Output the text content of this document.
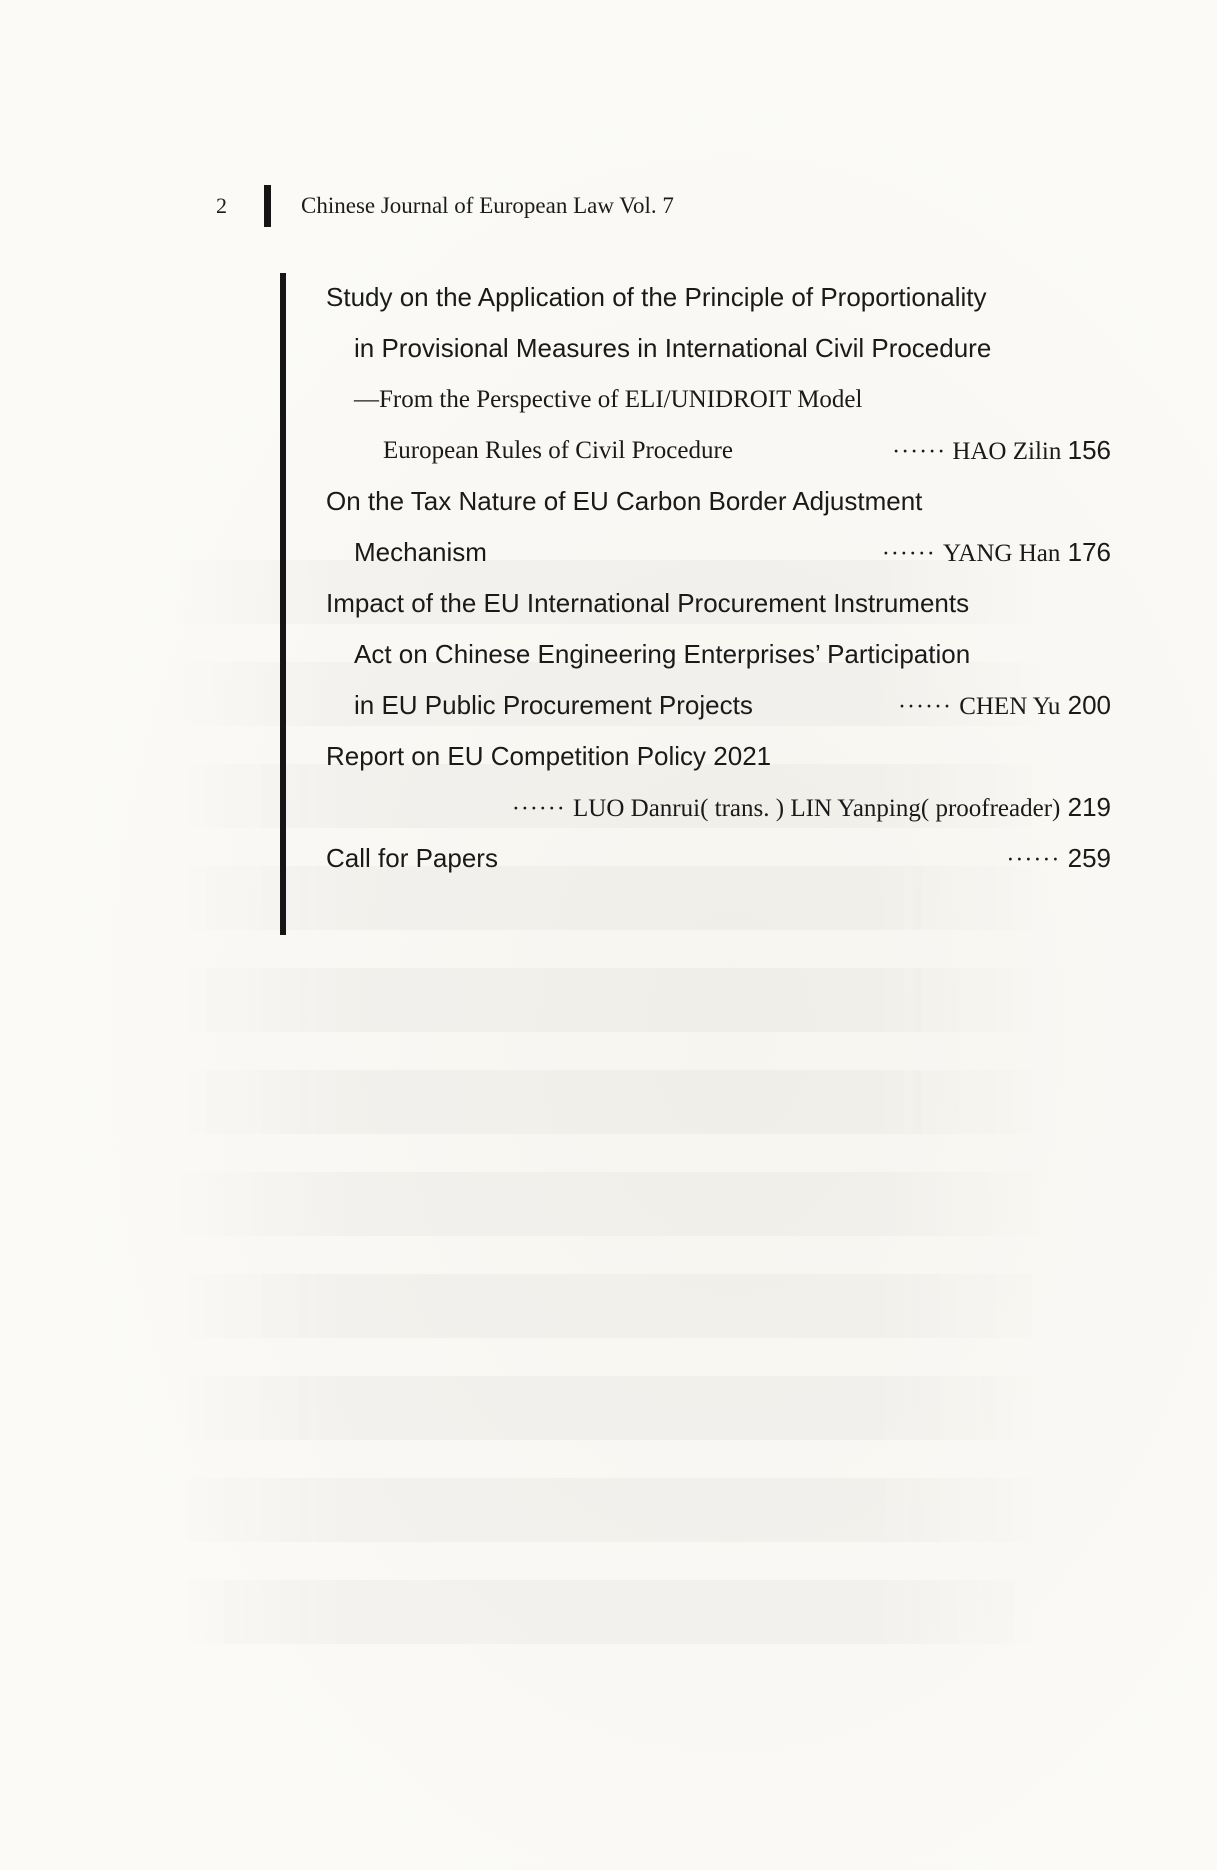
2	Chinese Journal of European Law Vol. 7
Study on the Application of the Principle of Proportionality
in Provisional Measures in International Civil Procedure
—From the Perspective of ELI/UNIDROIT Model
European Rules of Civil Procedure	······ HAO Zilin 156
On the Tax Nature of EU Carbon Border Adjustment
Mechanism	······ YANG Han 176
Impact of the EU International Procurement Instruments
Act on Chinese Engineering Enterprises’ Participation
in EU Public Procurement Projects	······ CHEN Yu 200
Report on EU Competition Policy 2021
······ LUO Danrui( trans. ) LIN Yanping( proofreader) 219
Call for Papers	······ 259
